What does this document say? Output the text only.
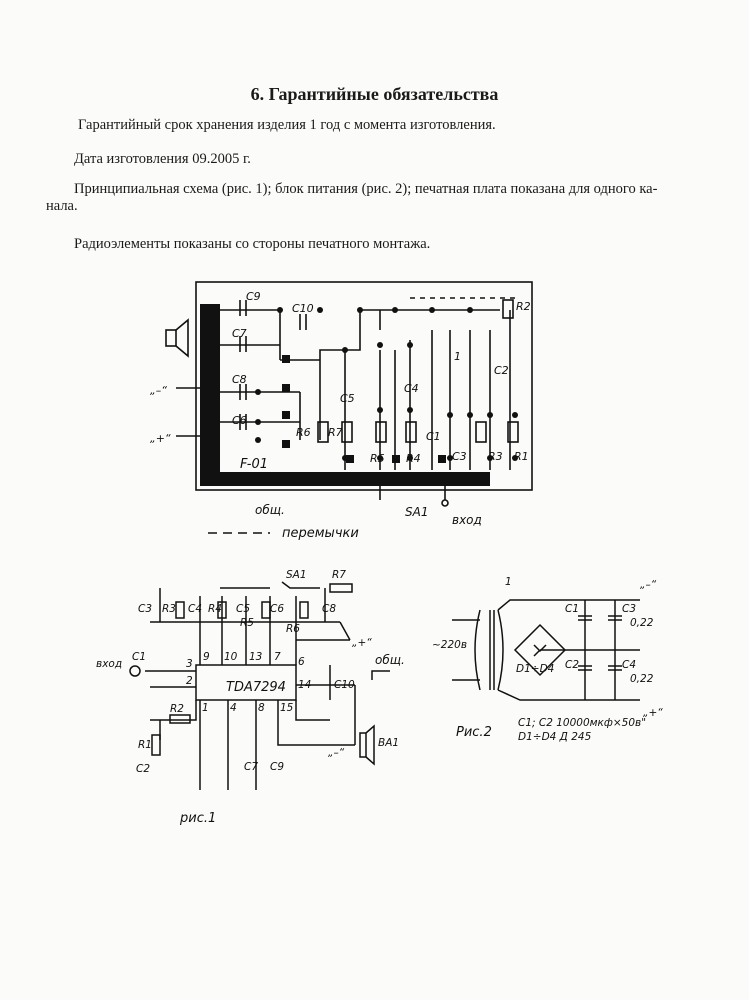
6. Гарантийные обязательства
Гарантийный срок хранения изделия 1 год с момента изготовления.
Дата изготовления 09.2005 г.
Принципиальная схема (рис. 1); блок питания (рис. 2); печатная плата показана для одного ка-
нала.
Радиоэлементы показаны со стороны печатного монтажа.
C9
C10
C7
C8
C6
C5
C4
C2
C1
C3
R2
R6 R7
R5 R4	R3 R1
F-01
1
„–“
„+“
общ.	SA1
вход
перемычки
TDA7294
рис.1
SA1 R7
C3 R3 C4 R4 C5
R5
C6
R6
C8
„+“
вход
C1	общ.
C10
R2
R1
C2	C7 C9
„–“
BA1
9 10 13 7 6
3
2	14
1 4 8 15
1	„–“
„+“
C1
C2
C3
C4
0,22
0,22
~220в
D1÷D4
C1; C2 10000мкф×50в"
D1÷D4 Д 245
Рис.2
